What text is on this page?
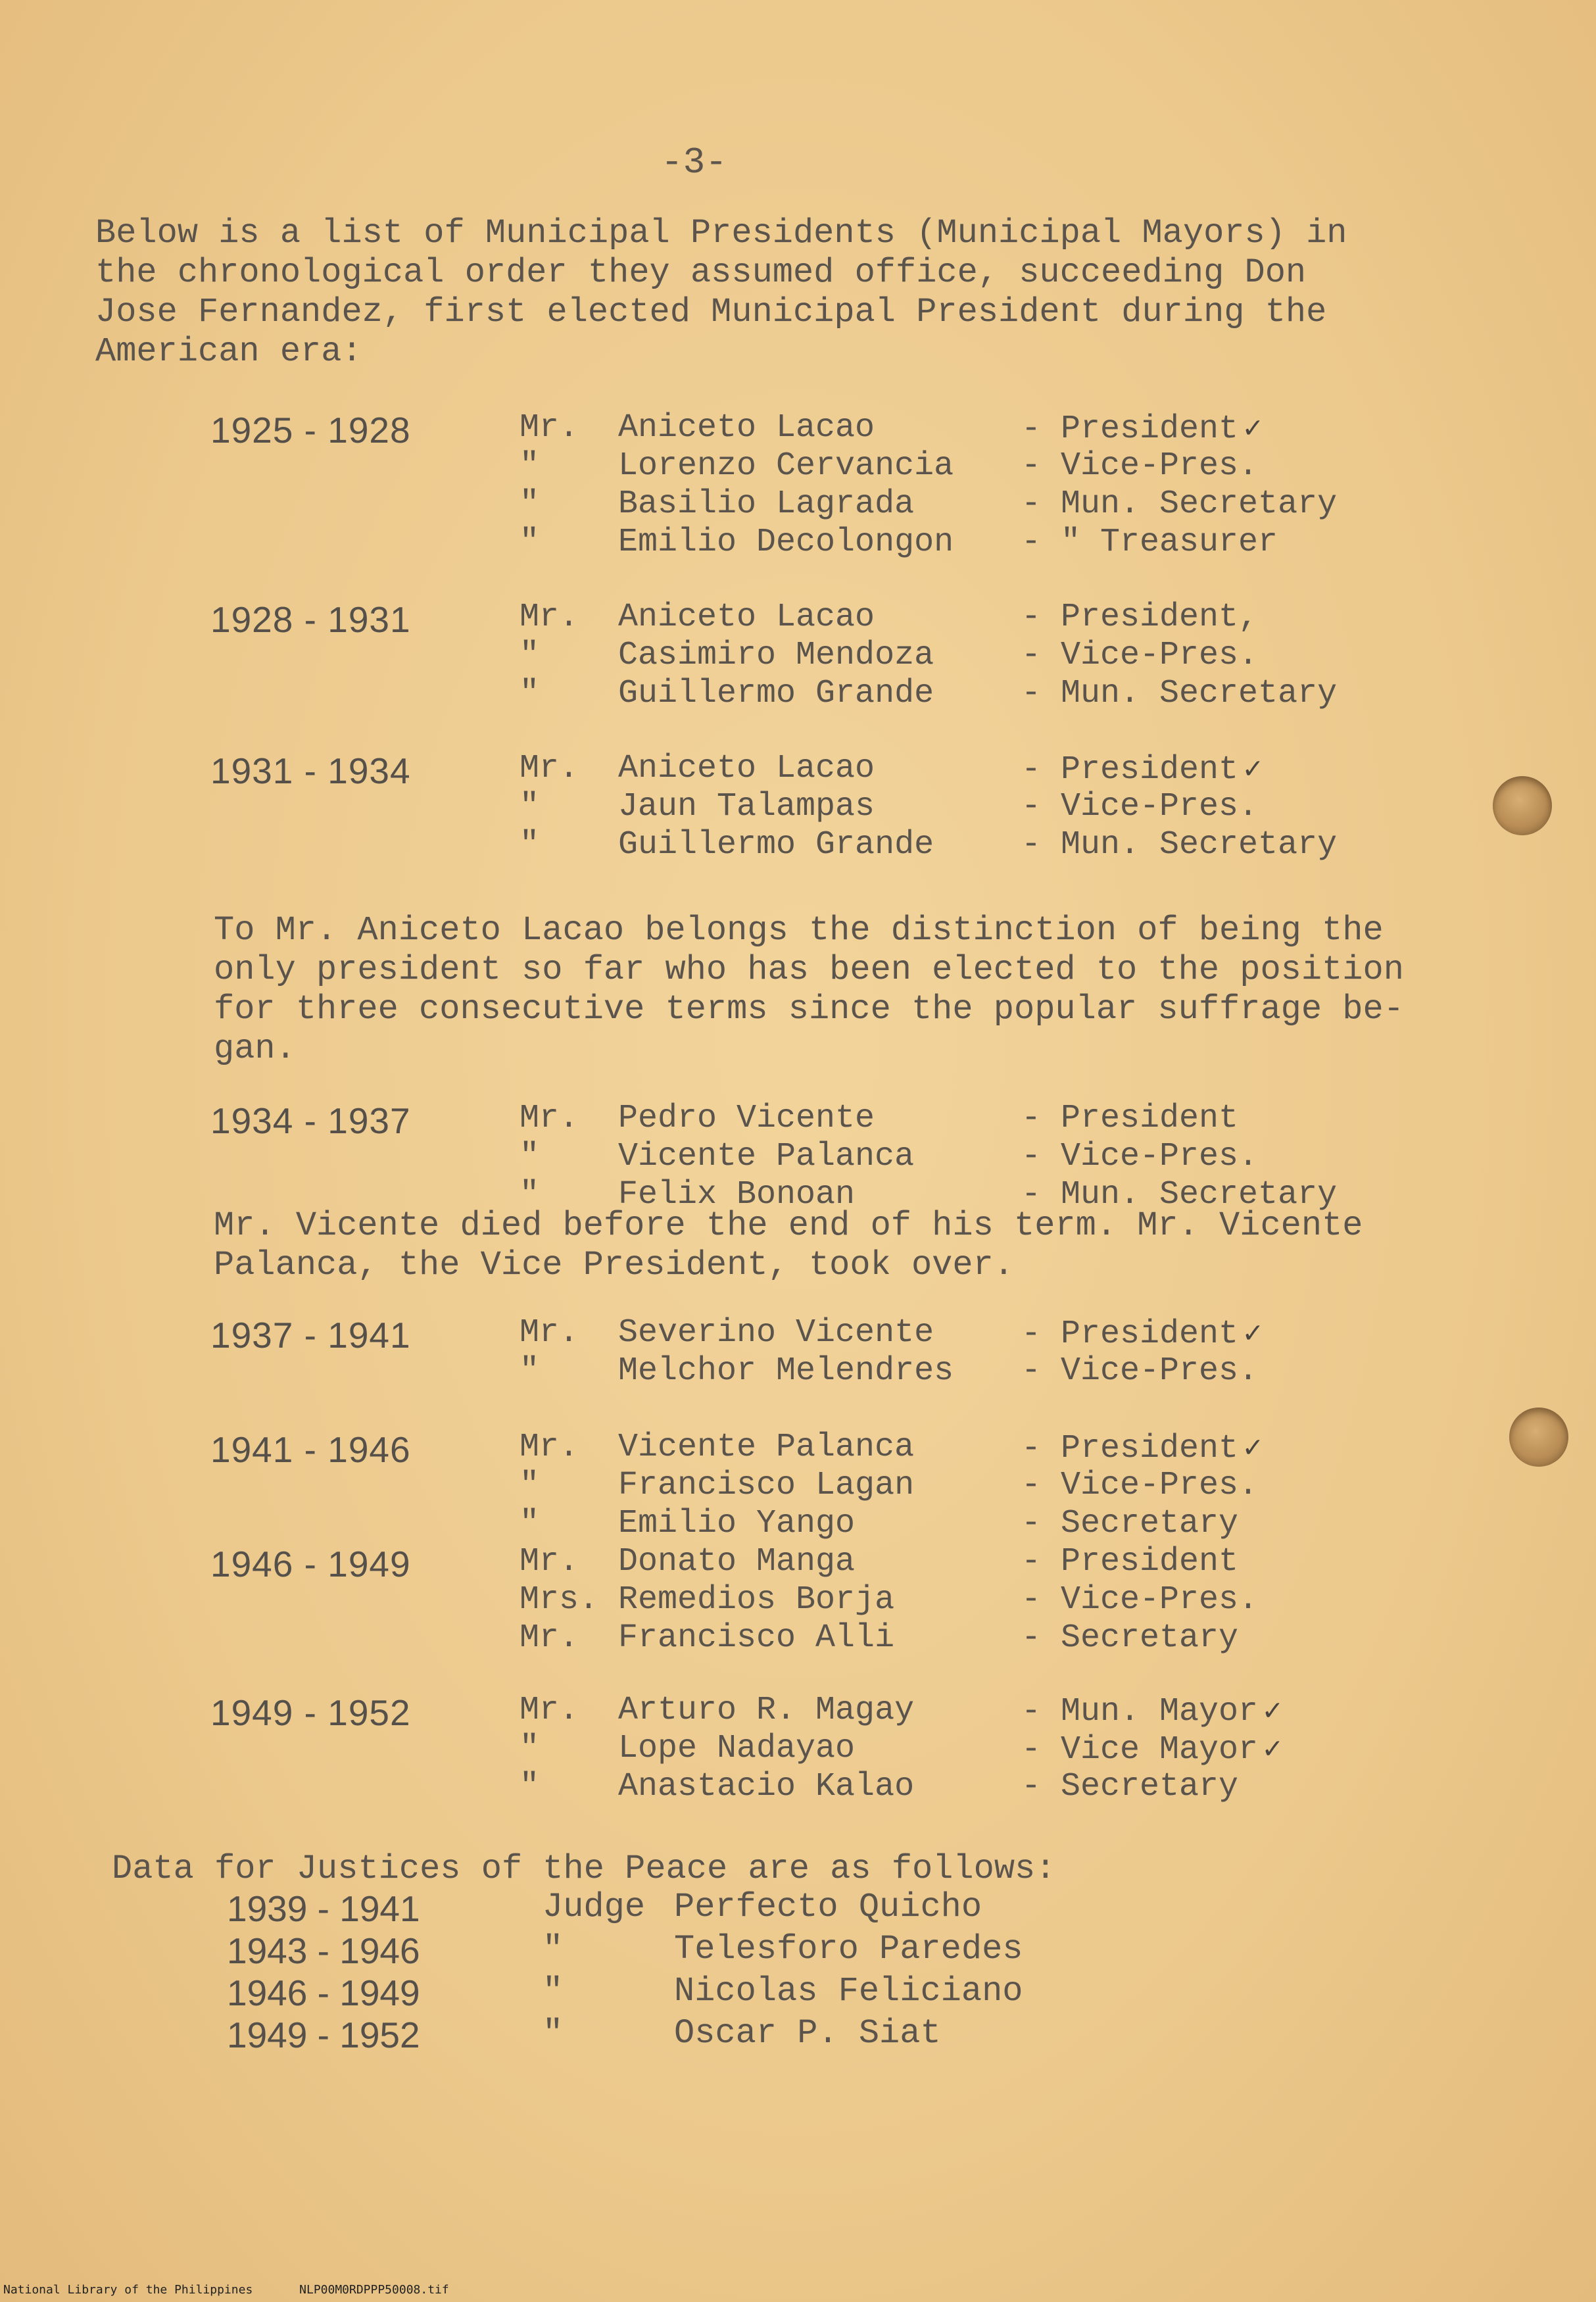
-3-
Below is a list of Municipal Presidents (Municipal Mayors) in
the chronological order they assumed office, succeeding Don
Jose Fernandez, first elected Municipal President during the
American era:
1925 - 1928	Mr. Aniceto Lacao	- President ✓
" Lorenzo Cervancia - Vice-Pres.
" Basilio Lagrada	- Mun. Secretary
" Emilio Decolongon - " Treasurer
1928 - 1931	Mr. Aniceto Lacao	- President,
" Casimiro Mendoza	- Vice-Pres.
" Guillermo Grande	- Mun. Secretary
1931 - 1934	Mr. Aniceto Lacao	- President ✓
" Jaun Talampas	- Vice-Pres.
" Guillermo Grande	- Mun. Secretary
To Mr. Aniceto Lacao belongs the distinction of being the
only president so far who has been elected to the position
for three consecutive terms since the popular suffrage be-
gan.
1934 - 1937	Mr. Pedro Vicente	- President
" Vicente Palanca	- Vice-Pres.
" Felix Bonoan	- Mun. Secretary
Mr. Vicente died before the end of his term. Mr. Vicente
Palanca, the Vice President, took over.
1937 - 1941	Mr. Severino Vicente	- President ✓
" Melchor Melendres - Vice-Pres.
1941 - 1946	Mr. Vicente Palanca	- President ✓
" Francisco Lagan	- Vice-Pres.
" Emilio Yango	- Secretary
1946 - 1949	Mr. Donato Manga	- President
Mrs. Remedios Borja	- Vice-Pres.
Mr. Francisco Alli	- Secretary
1949 - 1952	Mr. Arturo R. Magay	- Mun. Mayor ✓
" Lope Nadayao	- Vice Mayor ✓
" Anastacio Kalao	- Secretary
Data for Justices of the Peace are as follows:
1939 - 1941	Judge Perfecto Quicho
1943 - 1946	"	Telesforo Paredes
1946 - 1949	"	Nicolas Feliciano
1949 - 1952	"	Oscar P. Siat
National Library of the Philippines	NLP00M0RDPPP50008.tif
